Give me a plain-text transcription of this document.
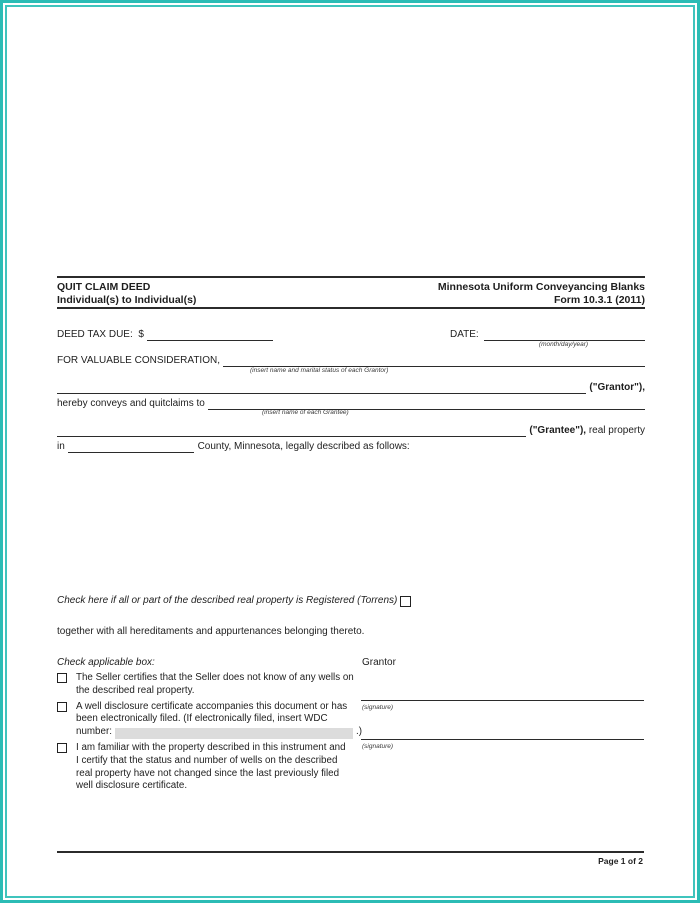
QUIT CLAIM DEED
Individual(s) to Individual(s)
Minnesota Uniform Conveyancing Blanks
Form 10.3.1 (2011)
DEED TAX DUE:  $	DATE:
(month/day/year)
FOR VALUABLE CONSIDERATION,
(insert name and marital status of each Grantor)
("Grantor"),
hereby conveys and quitclaims to
(insert name of each Grantee)
("Grantee"), real property
in	County, Minnesota, legally described as follows:
Check here if all or part of the described real property is Registered (Torrens)
together with all hereditaments and appurtenances belonging thereto.
Check applicable box:	Grantor
The Seller certifies that the Seller does not know of any wells on
the described real property.
A well disclosure certificate accompanies this document or has
been electronically filed. (If electronically filed, insert WDC
number:	.)
I am familiar with the property described in this instrument and
I certify that the status and number of wells on the described
real property have not changed since the last previously filed
well disclosure certificate.
(signature)
(signature)
Page 1 of 2
